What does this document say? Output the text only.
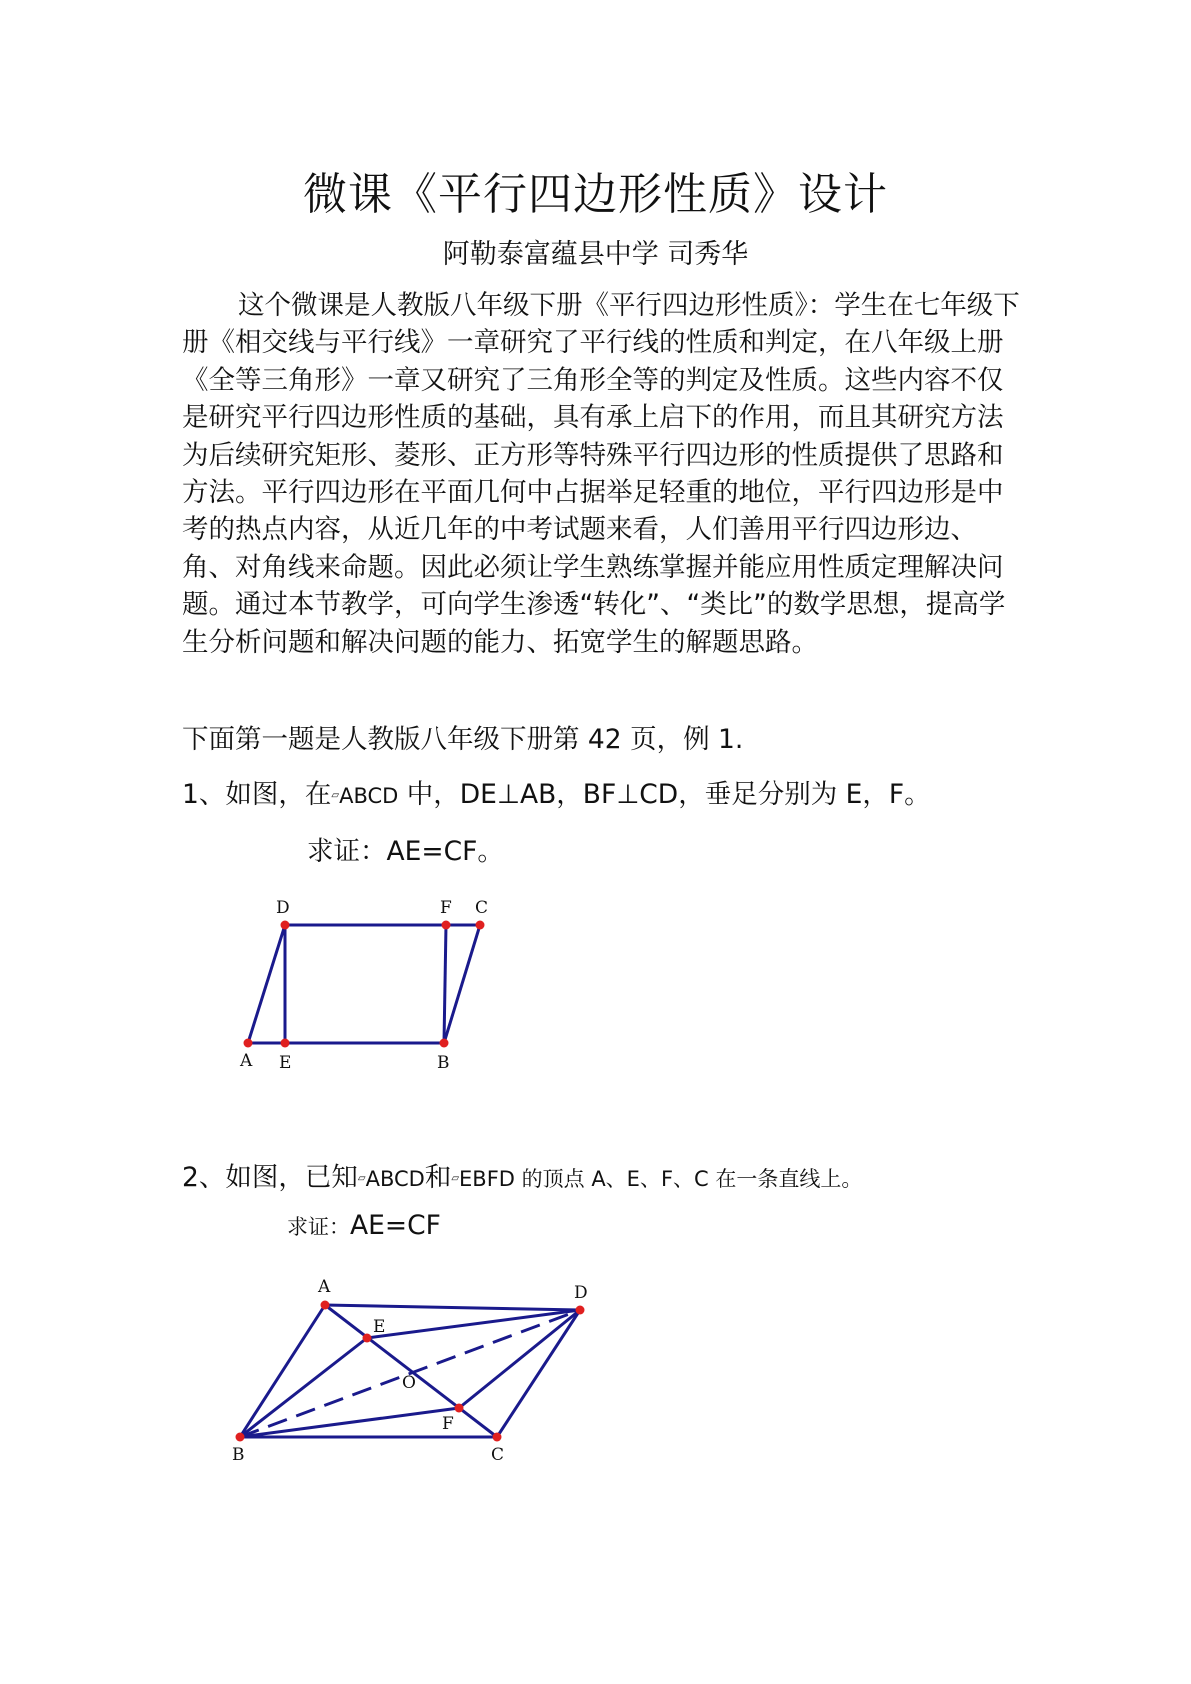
微课《平行四边形性质》设计

阿勒泰富蕴县中学 司秀华

这个微课是人教版八年级下册《平行四边形性质》：学生在七年级下册《相交线与平行线》一章研究了平行线的性质和判定，在八年级上册《全等三角形》一章又研究了三角形全等的判定及性质。这些内容不仅是研究平行四边形性质的基础，具有承上启下的作用，而且其研究方法为后续研究矩形、菱形、正方形等特殊平行四边形的性质提供了思路和方法。平行四边形在平面几何中占据举足轻重的地位，平行四边形是中考的热点内容，从近几年的中考试题来看，人们善用平行四边形边、角、对角线来命题。因此必须让学生熟练掌握并能应用性质定理解决问题。通过本节教学，可向学生渗透“转化”、“类比”的数学思想，提高学生分析问题和解决问题的能力、拓宽学生的解题思路。

下面第一题是人教版八年级下册第 42 页，例 1.

1、如图，在▱ABCD 中，DE⊥AB，BF⊥CD，垂足分别为 E，F。

求证：AE=CF。

D	F C
A E	B

2、如图，已知▱ABCD和▱EBFD 的顶点 A、E、F、C 在一条直线上。

求证：AE=CF

A	D
E
O
F
B	C
